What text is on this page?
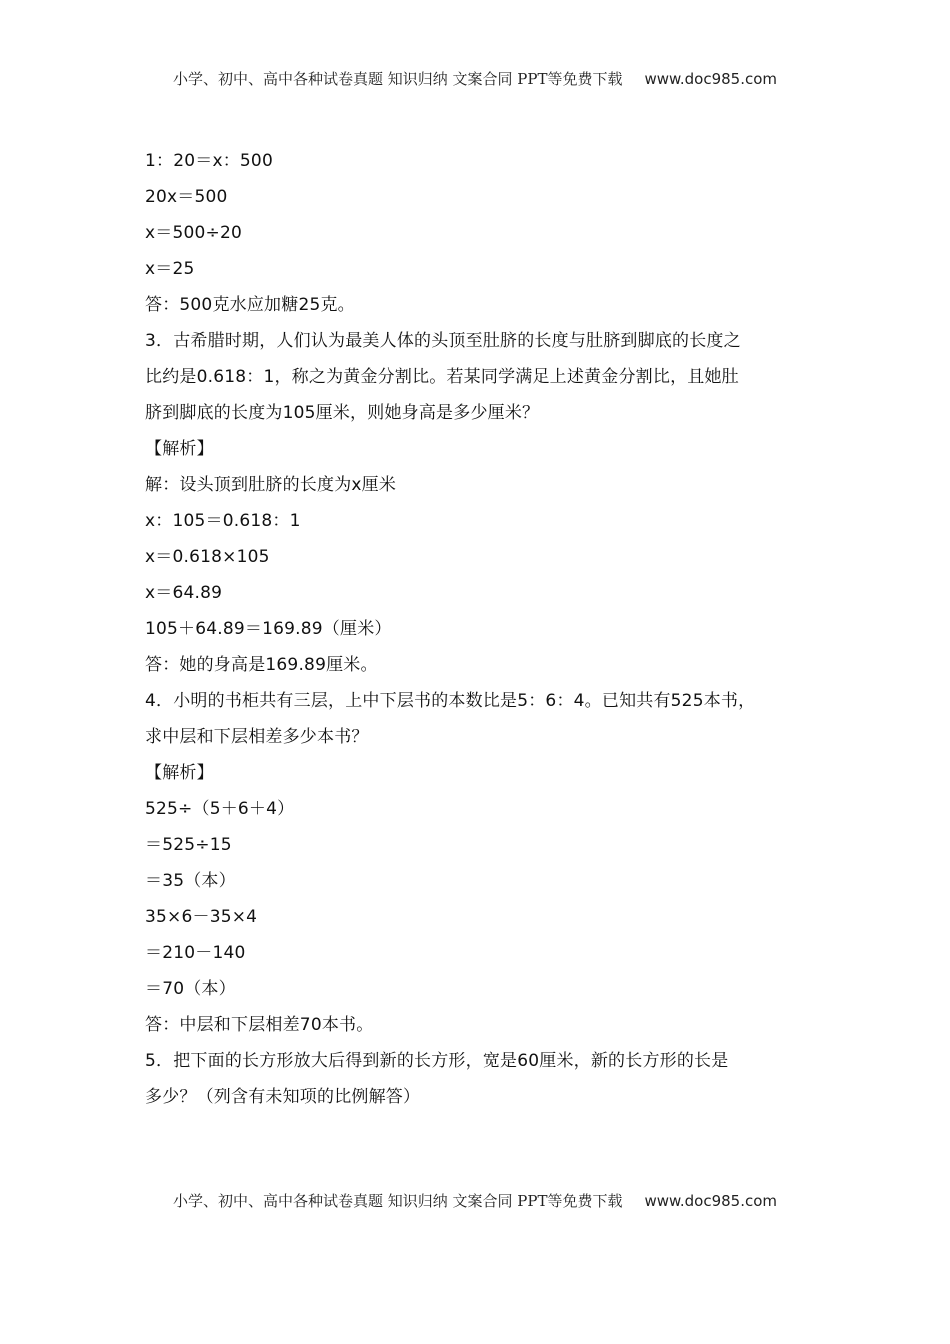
小学、初中、高中各种试卷真题 知识归纳 文案合同 PPT等免费下载 www.doc985.com
1：20＝x：500
20x＝500
x＝500÷20
x＝25
答：500克水应加糖25克。
3．古希腊时期，人们认为最美人体的头顶至肚脐的长度与肚脐到脚底的长度之
比约是0.618：1，称之为黄金分割比。若某同学满足上述黄金分割比，且她肚
脐到脚底的长度为105厘米，则她身高是多少厘米？
【解析】
解：设头顶到肚脐的长度为x厘米
x：105＝0.618：1
x＝0.618×105
x＝64.89
105＋64.89＝169.89（厘米）
答：她的身高是169.89厘米。
4．小明的书柜共有三层，上中下层书的本数比是5：6：4。已知共有525本书，
求中层和下层相差多少本书？
【解析】
525÷（5＋6＋4）
＝525÷15
＝35（本）
35×6－35×4
＝210－140
＝70（本）
答：中层和下层相差70本书。
5．把下面的长方形放大后得到新的长方形，宽是60厘米，新的长方形的长是
多少？（列含有未知项的比例解答）
小学、初中、高中各种试卷真题 知识归纳 文案合同 PPT等免费下载 www.doc985.com
